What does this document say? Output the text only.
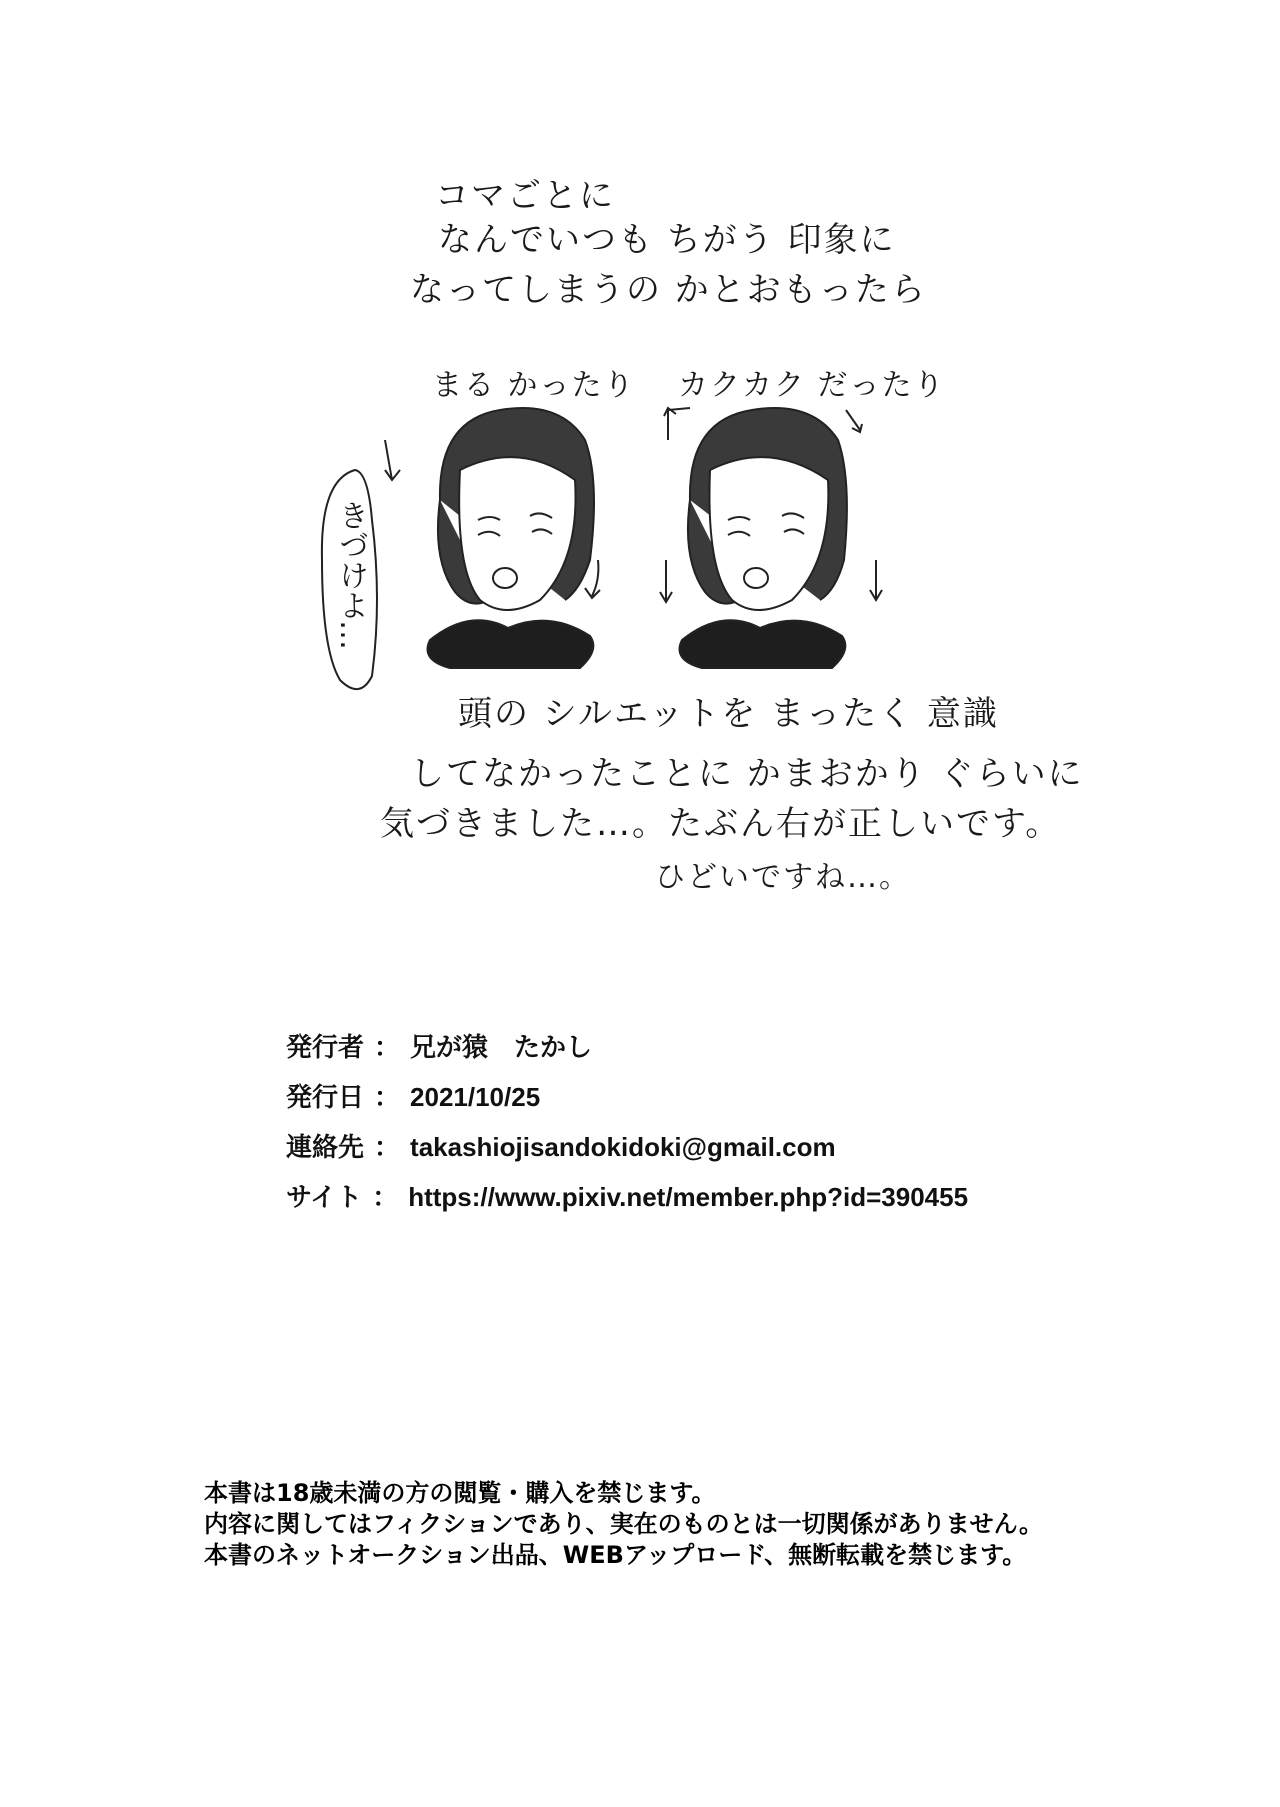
コマごとに
なんでいつも ちがう 印象に
なってしまうの かとおもったら
まる かったり カクカク だったり
きづけよ…
頭の シルエットを まったく 意識
してなかったことに かまおかり ぐらいに
気づきました…。たぶん右が正しいです。
ひどいですね…。
発行者 ： 兄が猿　たかし
発行日 ： 2021/10/25
連絡先 ： takashiojisandokidoki@gmail.com
サイト ： https://www.pixiv.net/member.php?id=390455
本書は18歳未満の方の閲覧・購入を禁じます。
内容に関してはフィクションであり、実在のものとは一切関係がありません。
本書のネットオークション出品、WEBアップロード、無断転載を禁じます。
